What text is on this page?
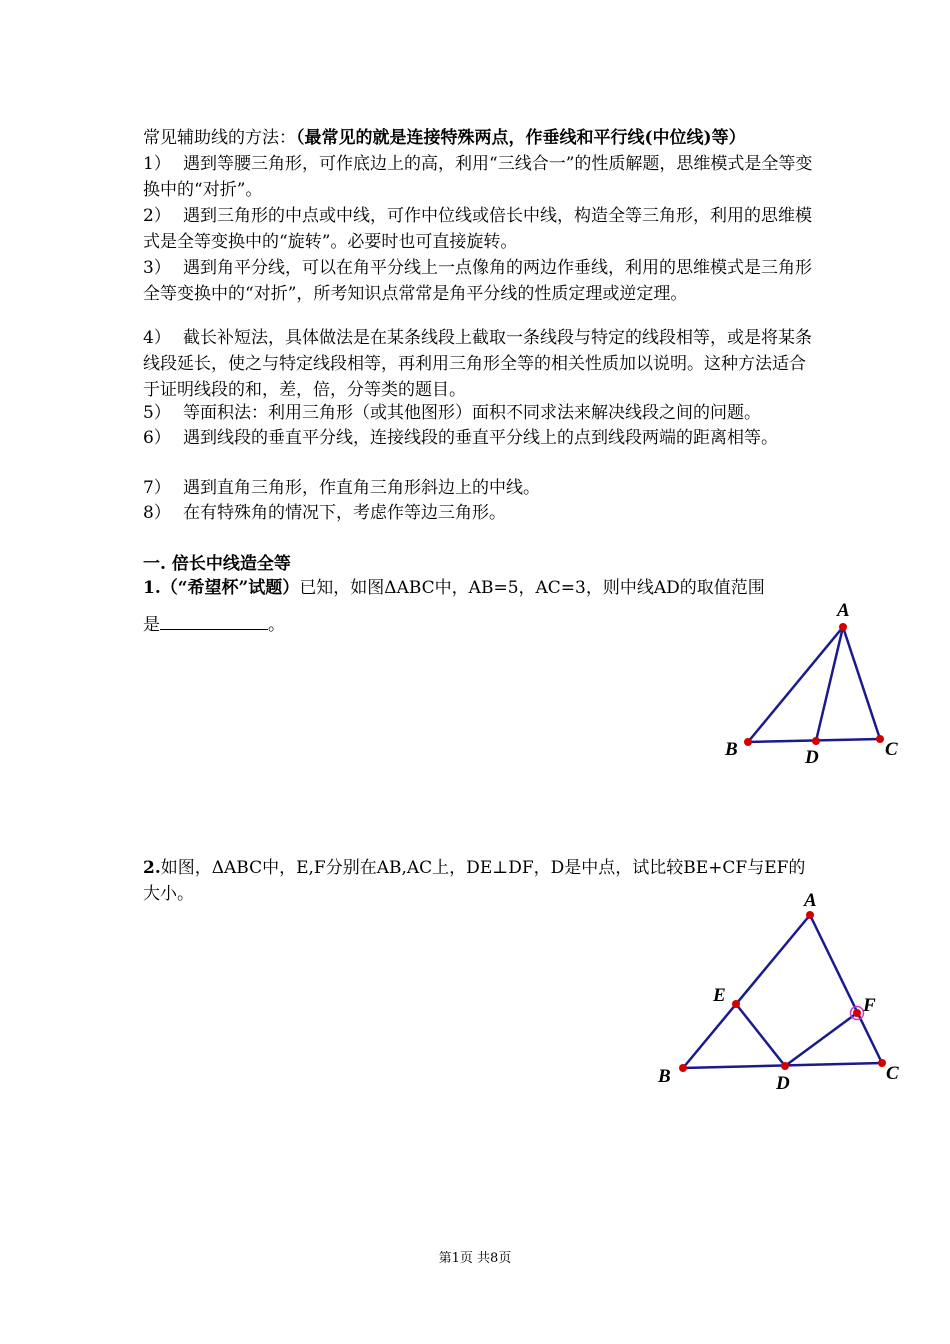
常见辅助线的方法：（最常见的就是连接特殊两点，作垂线和平行线(中位线)等）
1） 遇到等腰三角形，可作底边上的高，利用“三线合一”的性质解题，思维模式是全等变换中的“对折”。
2） 遇到三角形的中点或中线，可作中位线或倍长中线，构造全等三角形，利用的思维模式是全等变换中的“旋转”。必要时也可直接旋转。
3） 遇到角平分线，可以在角平分线上一点像角的两边作垂线，利用的思维模式是三角形全等变换中的“对折”，所考知识点常常是角平分线的性质定理或逆定理。
4） 截长补短法，具体做法是在某条线段上截取一条线段与特定的线段相等，或是将某条线段延长，使之与特定线段相等，再利用三角形全等的相关性质加以说明。这种方法适合于证明线段的和，差，倍，分等类的题目。
5） 等面积法：利用三角形（或其他图形）面积不同求法来解决线段之间的问题。
6） 遇到线段的垂直平分线，连接线段的垂直平分线上的点到线段两端的距离相等。
7） 遇到直角三角形，作直角三角形斜边上的中线。
8） 在有特殊角的情况下，考虑作等边三角形。
一. 倍长中线造全等
1.（“希望杯”试题）已知，如图ΔABC中，AB=5，AC=3，则中线AD的取值范围
是	。
A
B	C
D
2.如图，ΔABC中，E,F分别在AB,AC上，DE⊥DF，D是中点，试比较BE+CF与EF的大小。	A
B	C
D
E	F
第1页 共8页
